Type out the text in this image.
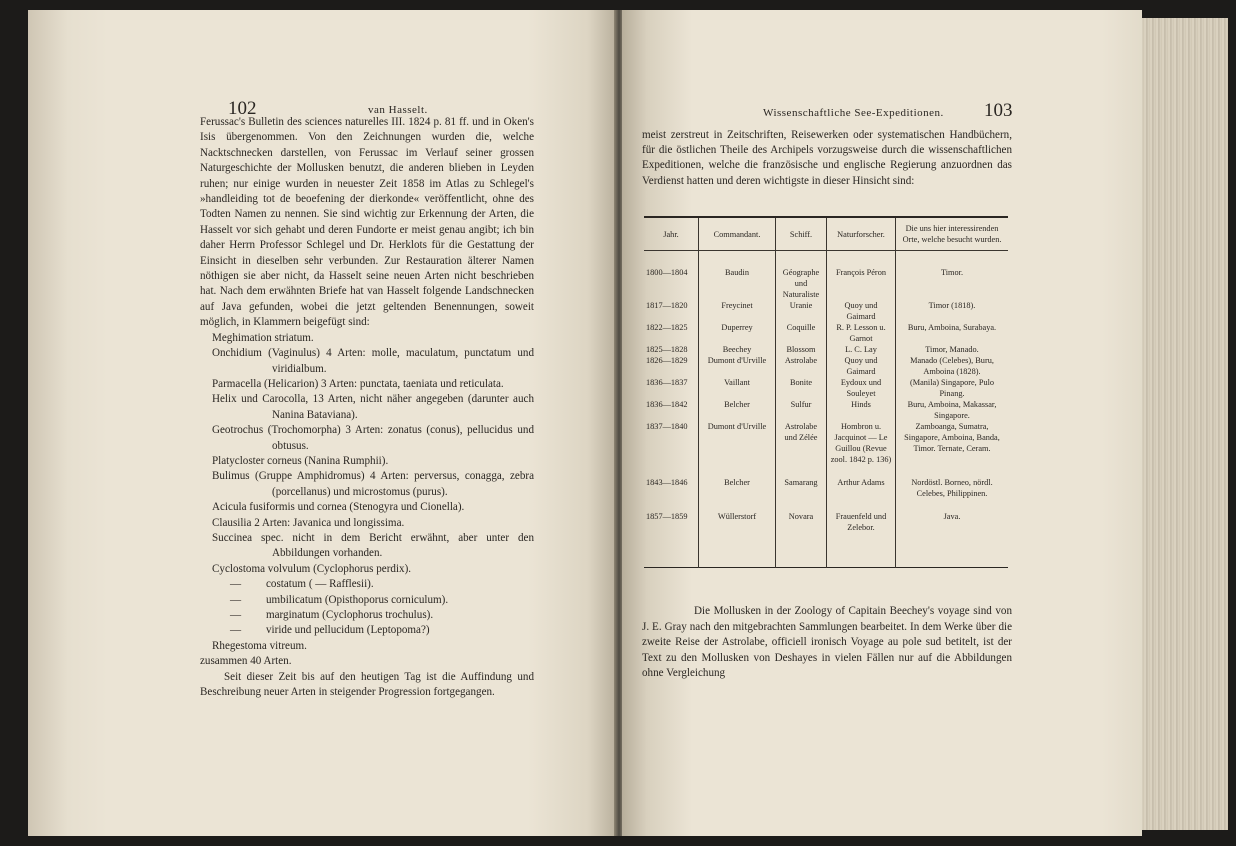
102	van Hasselt.

Ferussac's Bulletin des sciences naturelles III. 1824 p. 81 ff. und in Oken's Isis übergenommen. Von den Zeichnungen wurden die, welche Nacktschnecken darstellen, von Ferussac im Verlauf seiner grossen Naturgeschichte der Mollusken benutzt, die anderen blieben in Leyden ruhen; nur einige wurden in neuester Zeit 1858 im Atlas zu Schlegel's »handleiding tot de beoefening der dierkonde« veröffentlicht, ohne des Todten Namen zu nennen. Sie sind wichtig zur Erkennung der Arten, die Hasselt vor sich gehabt und deren Fundorte er meist genau angibt; ich bin daher Herrn Professor Schlegel und Dr. Herklots für die Gestattung der Einsicht in dieselben sehr verbunden. Zur Restauration älterer Namen nöthigen sie aber nicht, da Hasselt seine neuen Arten nicht beschrieben hat. Nach dem erwähnten Briefe hat van Hasselt folgende Landschnecken auf Java gefunden, wobei die jetzt geltenden Benennungen, soweit möglich, in Klammern beigefügt sind:

Meghimation striatum.

Onchidium (Vaginulus) 4 Arten: molle, maculatum, punctatum und viridialbum.

Parmacella (Helicarion) 3 Arten: punctata, taeniata und reticulata.

Helix und Carocolla, 13 Arten, nicht näher angegeben (darunter auch Nanina Bataviana).

Geotrochus (Trochomorpha) 3 Arten: zonatus (conus), pellucidus und obtusus.

Platycloster corneus (Nanina Rumphii).

Bulimus (Gruppe Amphidromus) 4 Arten: perversus, conagga, zebra (porcellanus) und microstomus (purus).

Acicula fusiformis und cornea (Stenogyra und Cionella).

Clausilia 2 Arten: Javanica und longissima.

Succinea spec. nicht in dem Bericht erwähnt, aber unter den Abbildungen vorhanden.

Cyclostoma volvulum (Cyclophorus perdix).

— costatum ( — Rafflesii).

— umbilicatum (Opisthoporus corniculum).

— marginatum (Cyclophorus trochulus).

— viride und pellucidum (Leptopoma?)

Rhegestoma vitreum.

zusammen 40 Arten.

Seit dieser Zeit bis auf den heutigen Tag ist die Auffindung und Beschreibung neuer Arten in steigender Progression fortgegangen.

Wissenschaftliche See-Expeditionen. 103

meist zerstreut in Zeitschriften, Reisewerken oder systematischen Handbüchern, für die östlichen Theile des Archipels vorzugsweise durch die wissenschaftlichen Expeditionen, welche die französische und englische Regierung anzuordnen das Verdienst hatten und deren wichtigste in dieser Hinsicht sind:

Jahr.	Commandant.	Schiff.	Naturforscher.	Die uns hier interessirenden Orte, welche besucht wurden.
1800—1804	Baudin	Géographe und Naturaliste	François Péron	Timor.
1817—1820	Freycinet	Uranie	Quoy und Gaimard	Timor (1818).
1822—1825	Duperrey	Coquille	R. P. Lesson u. Garnot	Buru, Amboina, Surabaya.
1825—1828	Beechey	Blossom	L. C. Lay	Timor, Manado.
1826—1829	Dumont d'Urville	Astrolabe	Quoy und Gaimard	Manado (Celebes), Buru, Amboina (1828).
1836—1837	Vaillant	Bonite	Eydoux und Souleyet	(Manila) Singapore, Pulo Pinang.
1836—1842	Belcher	Sulfur	Hinds	Buru, Amboina, Makassar, Singapore.
1837—1840	Dumont d'Urville	Astrolabe und Zélée	Hombron u. Jacquinot — Le Guillou (Revue zool. 1842 p. 136)	Zamboanga, Sumatra, Singapore, Amboina, Banda, Timor. Ternate, Ceram.
1843—1846	Belcher	Samarang	Arthur Adams	Nordöstl. Borneo, nördl. Celebes, Philippinen.
1857—1859	Wüllerstorf	Novara	Frauenfeld und Zelebor.	Java.

Die Mollusken in der Zoology of Capitain Beechey's voyage sind von J. E. Gray nach den mitgebrachten Sammlungen bearbeitet. In dem Werke über die zweite Reise der Astrolabe, officiell ironisch Voyage au pole sud betitelt, ist der Text zu den Mollusken von Deshayes in vielen Fällen nur auf die Abbildungen ohne Vergleichung
